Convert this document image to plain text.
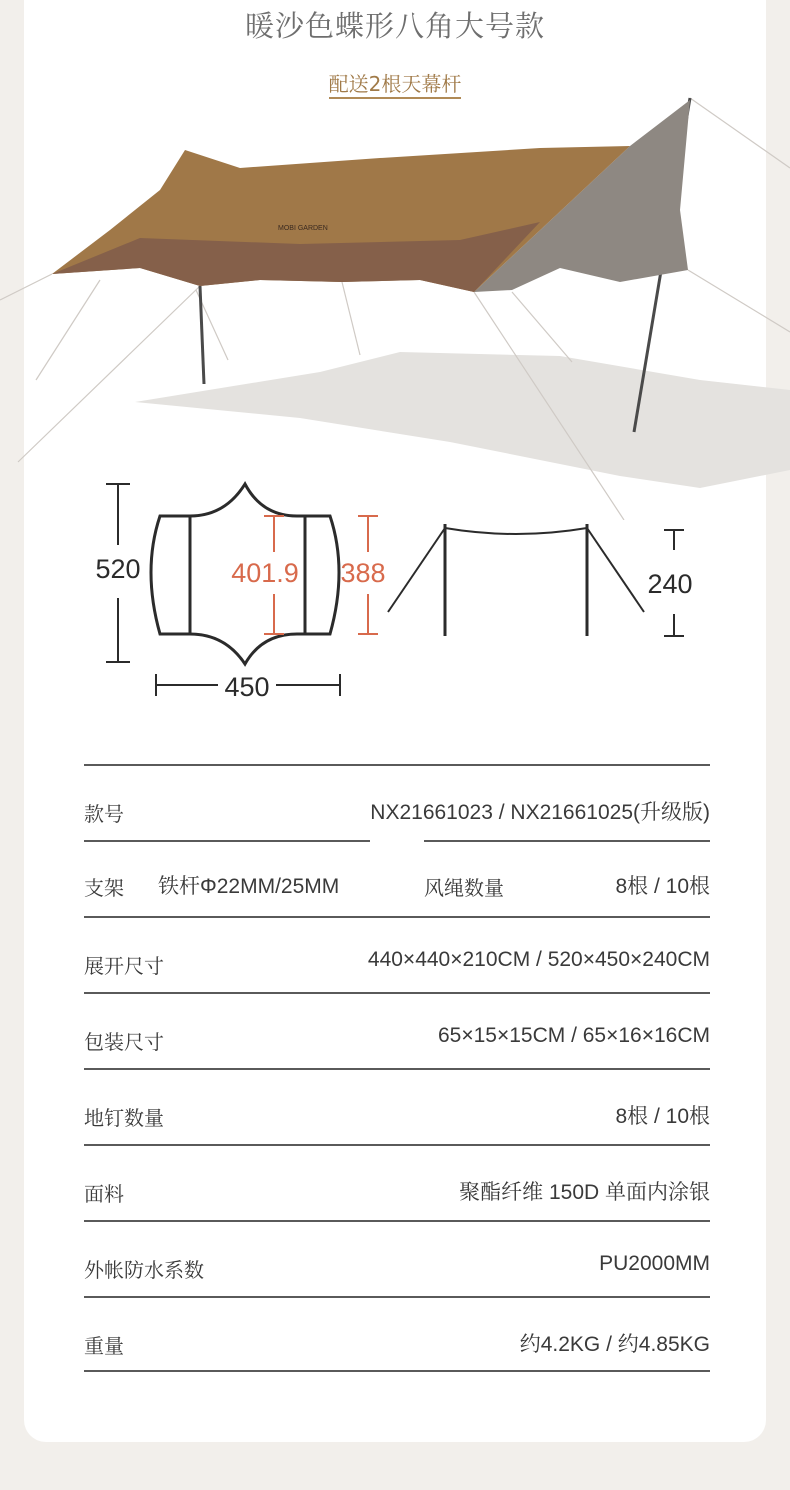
暖沙色蝶形八角大号款
配送2根天幕杆
MOBI GARDEN
520	401.9 388
450
240
款号	NX21661023 / NX21661025(升级版)
支架 铁杆Φ22MM/25MM	风绳数量	8根 / 10根
展开尺寸	440×440×210CM / 520×450×240CM
包装尺寸	65×15×15CM / 65×16×16CM
地钉数量	8根 / 10根
面料	聚酯纤维 150D 单面内涂银
外帐防水系数	PU2000MM
重量	约4.2KG / 约4.85KG
